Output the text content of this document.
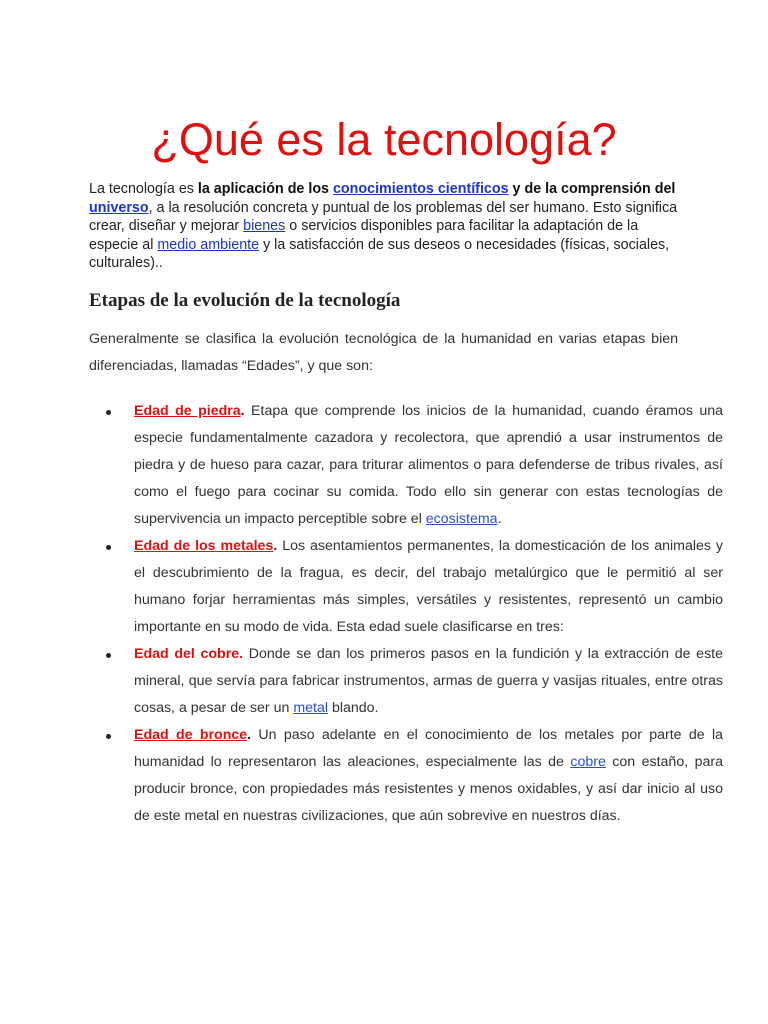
¿Qué es la tecnología?
La tecnología es la aplicación de los conocimientos científicos y de la comprensión del universo, a la resolución concreta y puntual de los problemas del ser humano. Esto significa crear, diseñar y mejorar bienes o servicios disponibles para facilitar la adaptación de la especie al medio ambiente y la satisfacción de sus deseos o necesidades (físicas, sociales, culturales)..
Etapas de la evolución de la tecnología
Generalmente se clasifica la evolución tecnológica de la humanidad en varias etapas bien diferenciadas, llamadas “Edades”, y que son:
Edad de piedra. Etapa que comprende los inicios de la humanidad, cuando éramos una especie fundamentalmente cazadora y recolectora, que aprendió a usar instrumentos de piedra y de hueso para cazar, para triturar alimentos o para defenderse de tribus rivales, así como el fuego para cocinar su comida. Todo ello sin generar con estas tecnologías de supervivencia un impacto perceptible sobre el ecosistema.
Edad de los metales. Los asentamientos permanentes, la domesticación de los animales y el descubrimiento de la fragua, es decir, del trabajo metalúrgico que le permitió al ser humano forjar herramientas más simples, versátiles y resistentes, representó un cambio importante en su modo de vida. Esta edad suele clasificarse en tres:
Edad del cobre. Donde se dan los primeros pasos en la fundición y la extracción de este mineral, que servía para fabricar instrumentos, armas de guerra y vasijas rituales, entre otras cosas, a pesar de ser un metal blando.
Edad de bronce. Un paso adelante en el conocimiento de los metales por parte de la humanidad lo representaron las aleaciones, especialmente las de cobre con estaño, para producir bronce, con propiedades más resistentes y menos oxidables, y así dar inicio al uso de este metal en nuestras civilizaciones, que aún sobrevive en nuestros días.
